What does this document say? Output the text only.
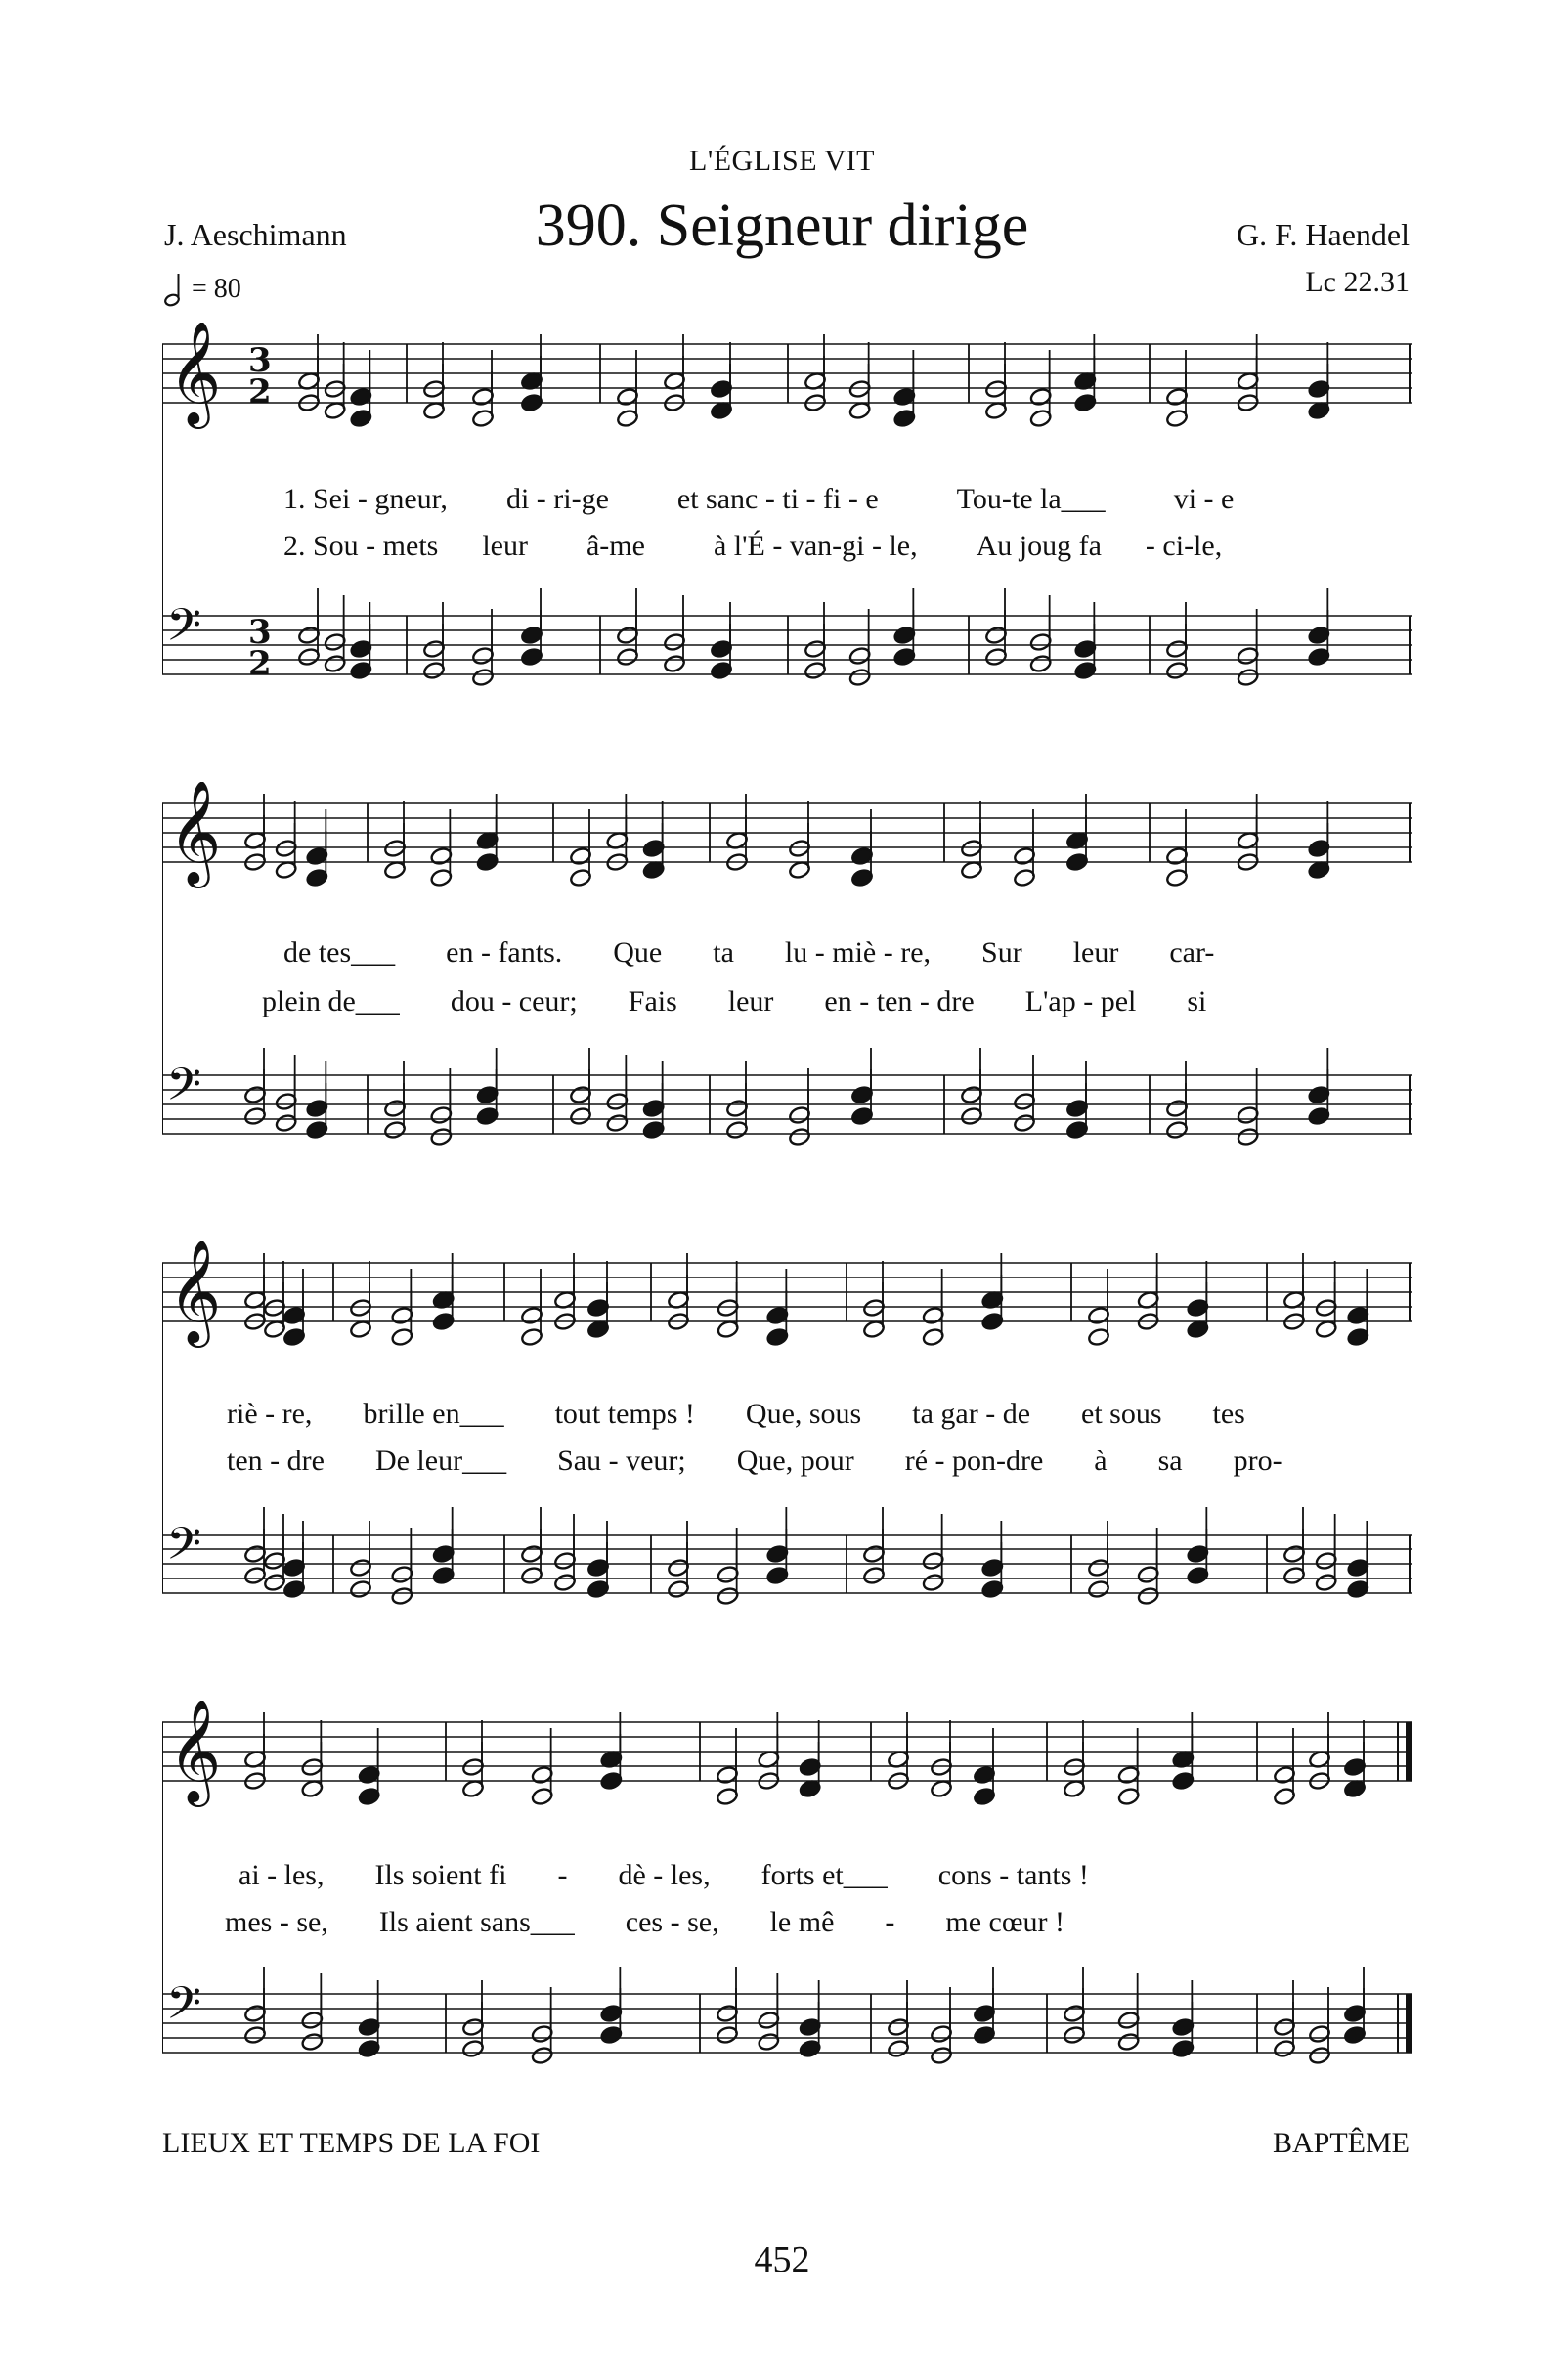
L'ÉGLISE VIT
390. Seigneur dirige
J. Aeschimann	G. F. Haendel
= 80	Lc 22.31
𝄞
𝄢
3
2
3
2
𝄞
𝄢
𝄞
𝄢
𝄞
𝄢
1. Sei - gneur, di - ri-ge et sanc - ti - fi - e	Tou-te la___ vi - e
2. Sou - mets leur â-me à l'É - van-gi - le, Au joug fa - ci-le,
de tes___ en - fants. Que ta lu - miè - re, Sur leur car-
plein de___ dou - ceur; Fais leur en - ten - dre L'ap - pel si
riè - re, brille en___ tout temps ! Que, sous ta gar - de et sous tes
ten - dre De leur___ Sau - veur; Que, pour ré - pon-dre à sa pro-
ai - les, Ils soient fi - dè - les, forts et___ cons - tants !
mes - se, Ils aient sans___ ces - se, le mê - me cœur !
LIEUX ET TEMPS DE LA FOI	BAPTÊME
452
